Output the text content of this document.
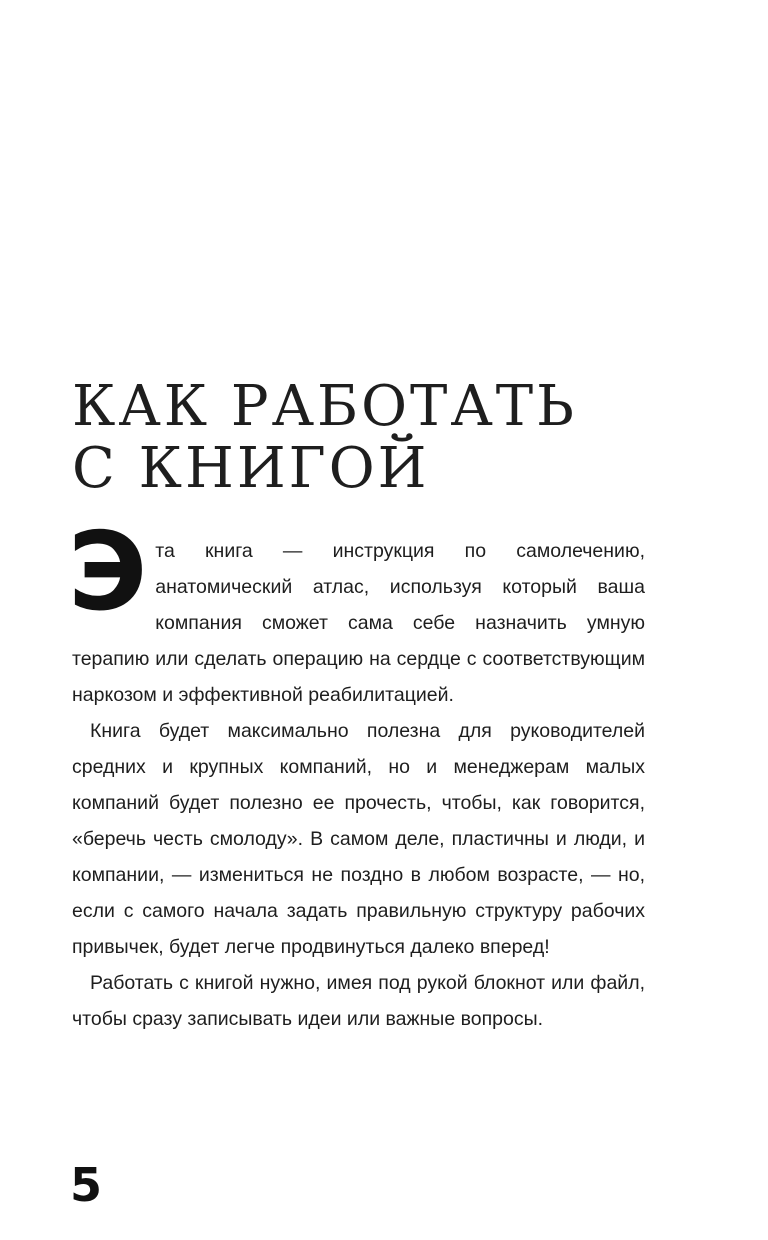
КАК РАБОТАТЬ
С КНИГОЙ

Эта книга — инструкция по самолечению, анатомический атлас, используя который ваша компания сможет сама себе назначить умную терапию или сделать операцию на сердце с соответствующим наркозом и эффективной реабилитацией.

Книга будет максимально полезна для руководителей средних и крупных компаний, но и менеджерам малых компаний будет полезно ее прочесть, чтобы, как говорится, «беречь честь смолоду». В самом деле, пластичны и люди, и компании, — измениться не поздно в любом возрасте, — но, если с самого начала задать правильную структуру рабочих привычек, будет легче продвинуться далеко вперед!

Работать с книгой нужно, имея под рукой блокнот или файл, чтобы сразу записывать идеи или важные вопросы.

5
